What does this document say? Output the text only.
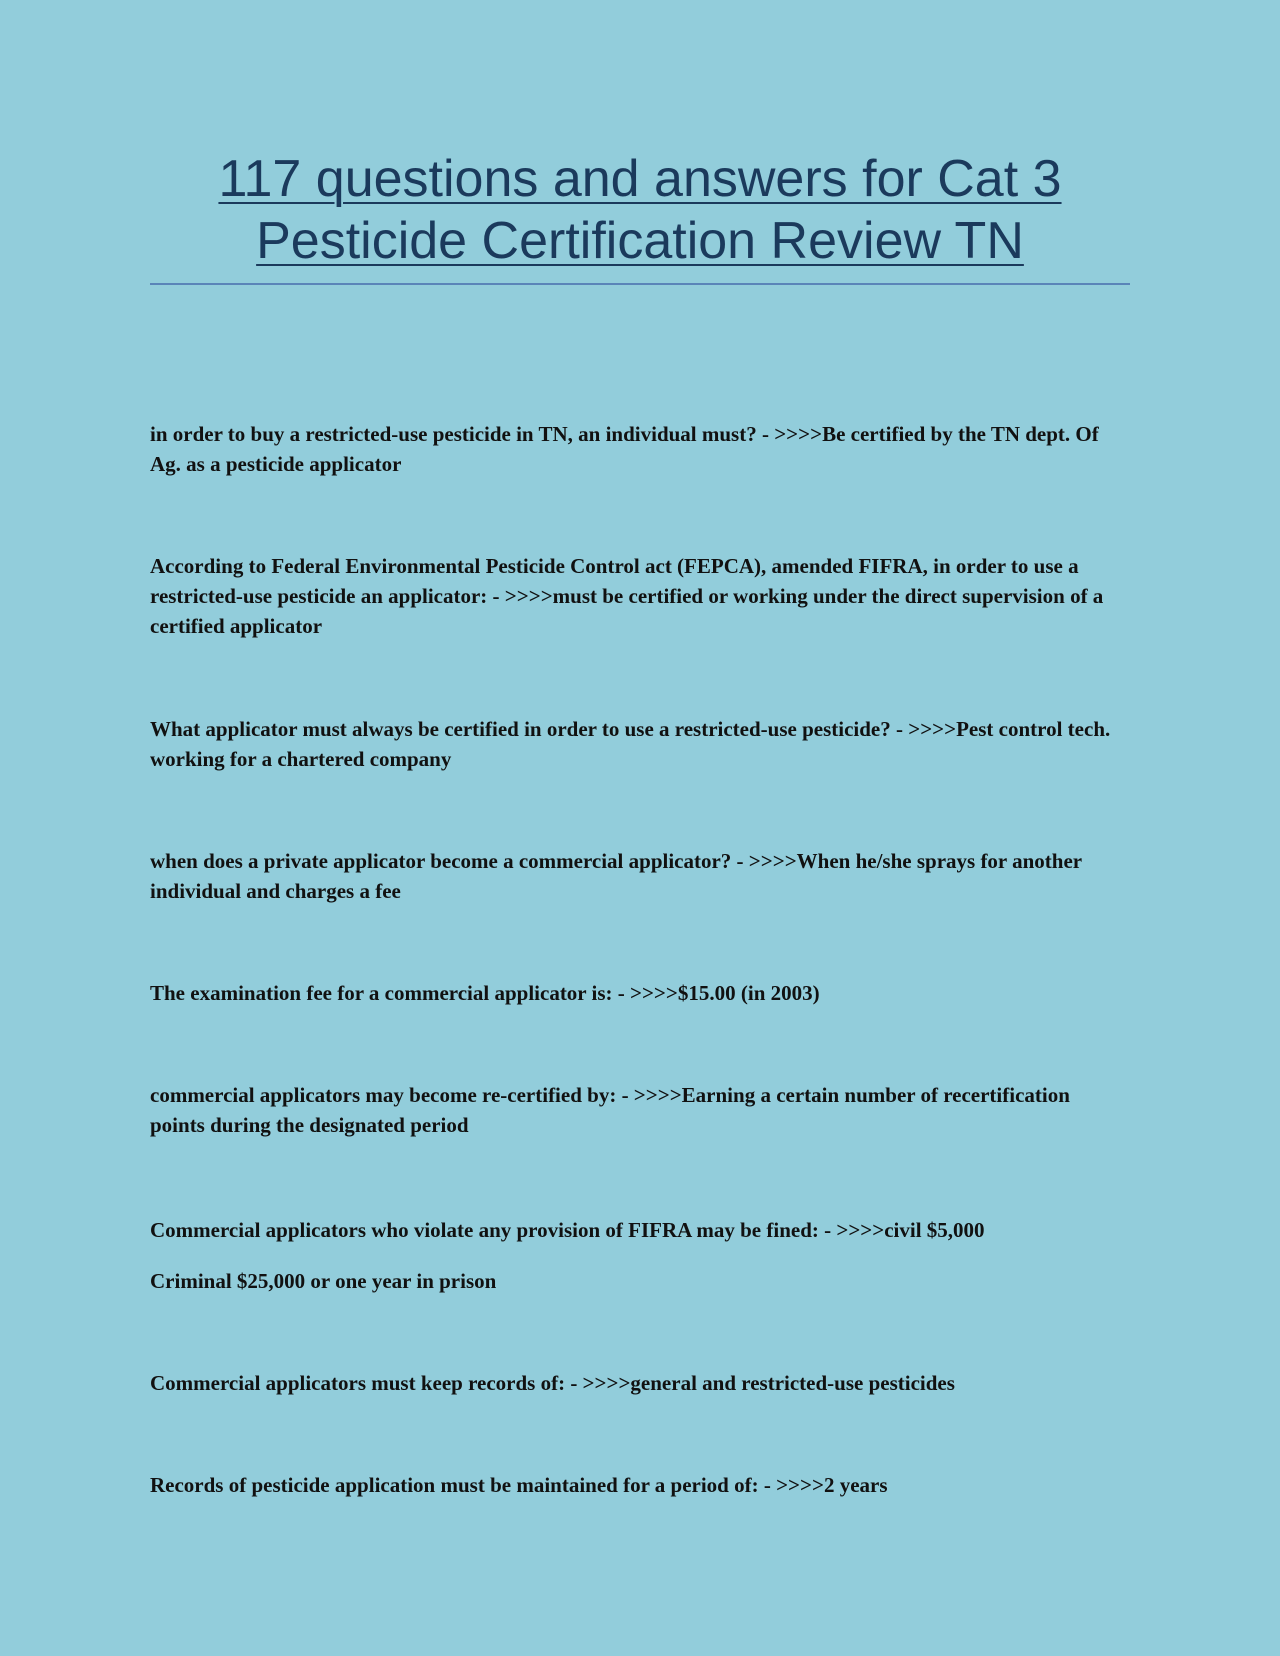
117 questions and answers for Cat 3 Pesticide Certification Review TN

in order to buy a restricted-use pesticide in TN, an individual must? - >>>>Be certified by the TN dept. Of Ag. as a pesticide applicator

According to Federal Environmental Pesticide Control act (FEPCA), amended FIFRA, in order to use a restricted-use pesticide an applicator: - >>>>must be certified or working under the direct supervision of a certified applicator

What applicator must always be certified in order to use a restricted-use pesticide? - >>>>Pest control tech. working for a chartered company

when does a private applicator become a commercial applicator? - >>>>When he/she sprays for another individual and charges a fee

The examination fee for a commercial applicator is: - >>>>$15.00 (in 2003)

commercial applicators may become re-certified by: - >>>>Earning a certain number of recertification points during the designated period

Commercial applicators who violate any provision of FIFRA may be fined: - >>>>civil $5,000

Criminal $25,000 or one year in prison

Commercial applicators must keep records of: - >>>>general and restricted-use pesticides

Records of pesticide application must be maintained for a period of: - >>>>2 years
